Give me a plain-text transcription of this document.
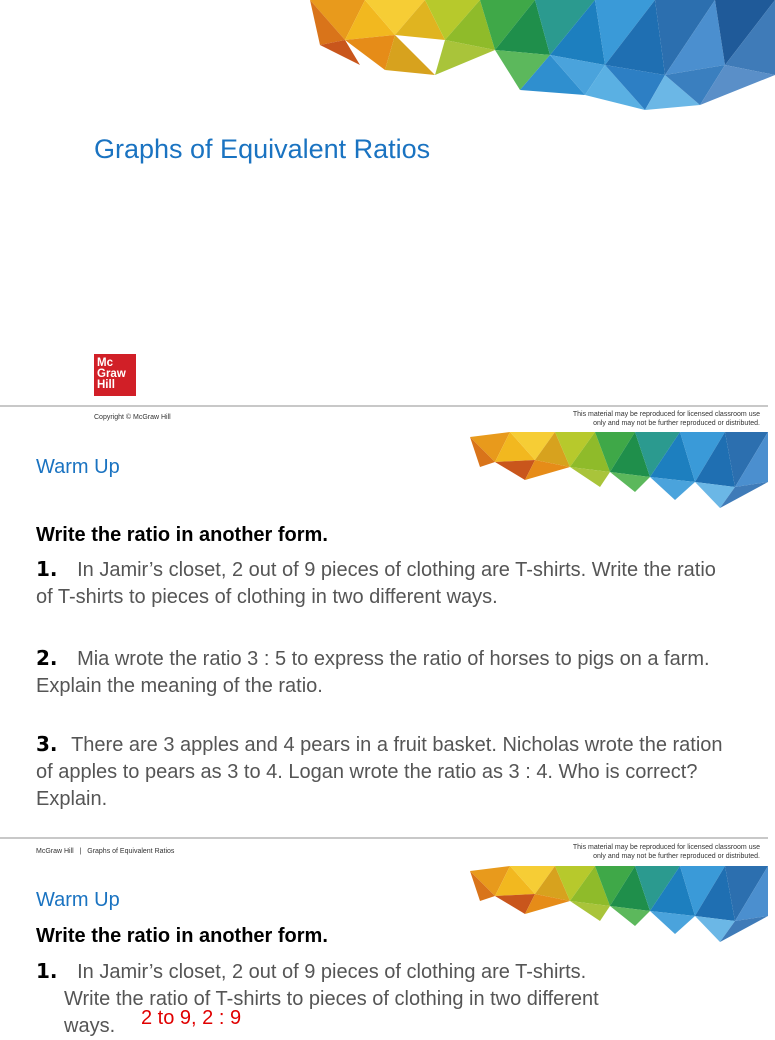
Graphs of Equivalent Ratios
Mc
Graw
Hill
Copyright © McGraw Hill	This material may be reproduced for licensed classroom use
only and may not be further reproduced or distributed.
Warm Up
Write the ratio in another form.
1. In Jamir’s closet, 2 out of 9 pieces of clothing are T-shirts. Write the ratio of T-shirts to pieces of clothing in two different ways.
2. Mia wrote the ratio 3 : 5 to express the ratio of horses to pigs on a farm. Explain the meaning of the ratio.
3. There are 3 apples and 4 pears in a fruit basket. Nicholas wrote the ration of apples to pears as 3 to 4. Logan wrote the ratio as 3 : 4. Who is correct? Explain.
McGraw Hill | Graphs of Equivalent Ratios
This material may be reproduced for licensed classroom use
only and may not be further reproduced or distributed.
Warm Up
Write the ratio in another form.
1. In Jamir’s closet, 2 out of 9 pieces of clothing are T-shirts.
Write the ratio of T-shirts to pieces of clothing in two different
ways. 2 to 9, 2 : 9
